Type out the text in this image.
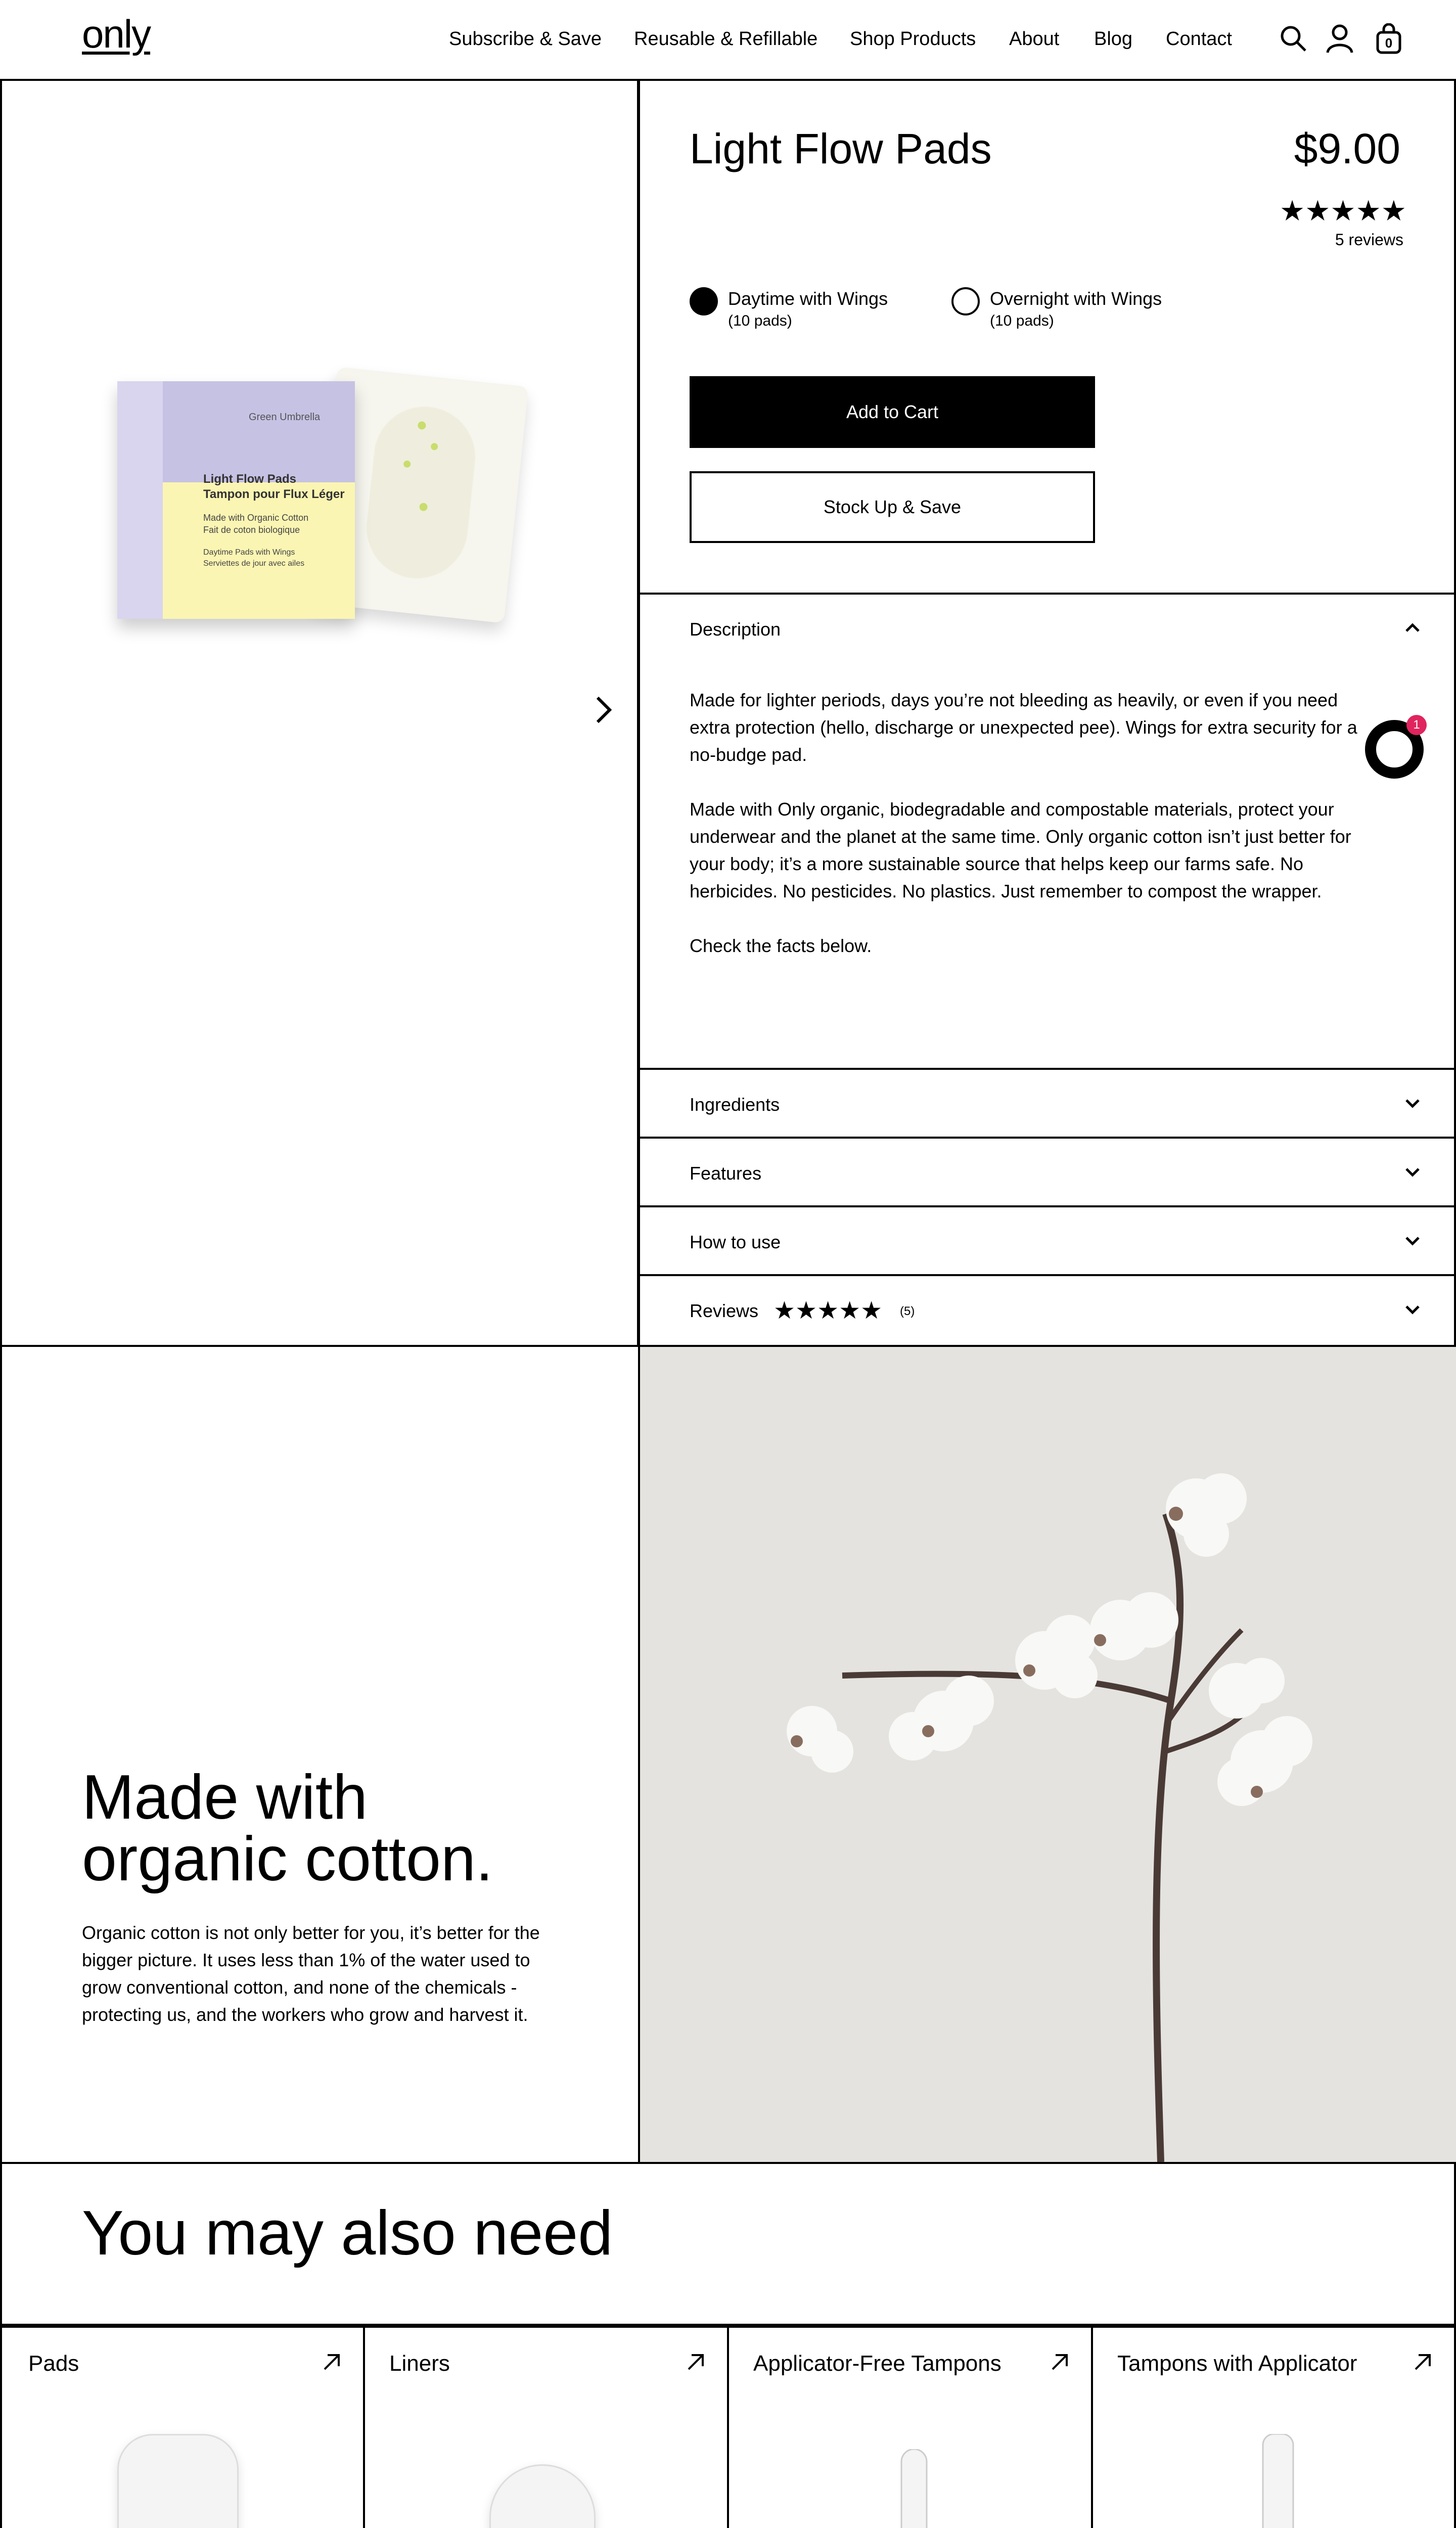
only	Subscribe & Save Reusable & Refillable Shop Products About Blog Contact	0
Green Umbrella
Light Flow Pads
Tampon pour Flux Léger
Made with Organic Cotton
Fait de coton biologique
Daytime Pads with Wings
Serviettes de jour avec ailes
Light Flow Pads	$9.00
★★★★★
5 reviews
Daytime with Wings
(10 pads)
Overnight with Wings
(10 pads)
Add to Cart
Stock Up & Save
Description

Made for lighter periods, days you’re not bleeding as heavily, or even if you need extra protection (hello, discharge or unexpected pee). Wings for extra security for a no-budge pad.

Made with Only organic, biodegradable and compostable materials, protect your underwear and the planet at the same time. Only organic cotton isn’t just better for your body; it’s a more sustainable source that helps keep our farms safe. No herbicides. No pesticides. No plastics. Just remember to compost the wrapper.

Check the facts below.

1
Ingredients
Features
How to use
Reviews ★★★★★ (5)
Made with
organic cotton.

Organic cotton is not only better for you, it’s better for the bigger picture. It uses less than 1% of the water used to grow conventional cotton, and none of the chemicals - protecting us, and the workers who grow and harvest it.

You may also need
Pads	Liners	Applicator-Free Tampons	Tampons with Applicator
